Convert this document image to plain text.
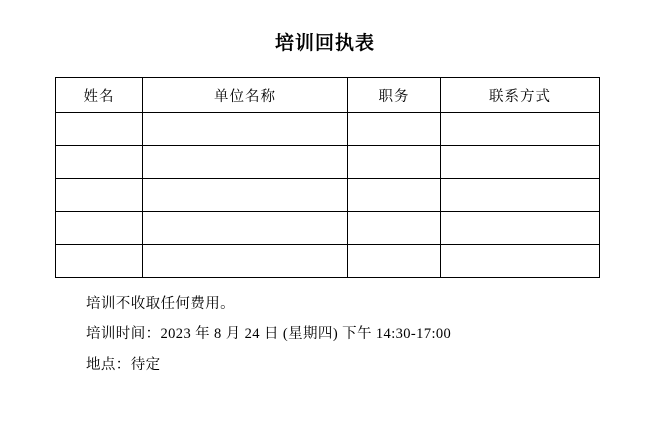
培训回执表
姓名	单位名称	职务	联系方式

培训不收取任何费用。

培训时间：2023 年 8 月 24 日 (星期四) 下午 14:30-17:00

地点：待定
